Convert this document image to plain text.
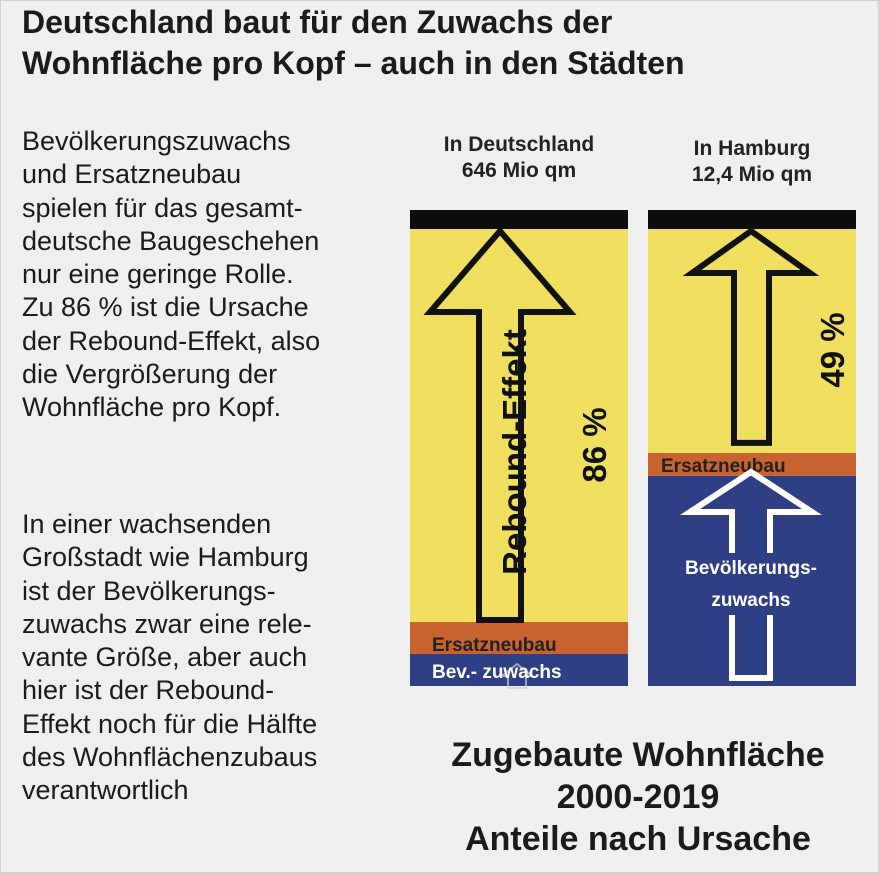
Deutschland baut für den Zuwachs der
Wohnfläche pro Kopf – auch in den Städten
Bevölkerungszuwachs
und Ersatzneubau
spielen für das gesamt-
deutsche Baugeschehen
nur eine geringe Rolle.
Zu 86 % ist die Ursache
der Rebound-Effekt, also
die Vergrößerung der
Wohnfläche pro Kopf.
In einer wachsenden
Großstadt wie Hamburg
ist der Bevölkerungs-
zuwachs zwar eine rele-
vante Größe, aber auch
hier ist der Rebound-
Effekt noch für die Hälfte
des Wohnflächenzubaus
verantwortlich
In Deutschland
646 Mio qm
In Hamburg
12,4 Mio qm
Rebound-Effekt 86 %
Ersatzneubau
Bev.- zuwachs
49 %
Ersatzneubau
Bevölkerungs-
zuwachs
Zugebaute Wohnfläche
2000-2019
Anteile nach Ursache
